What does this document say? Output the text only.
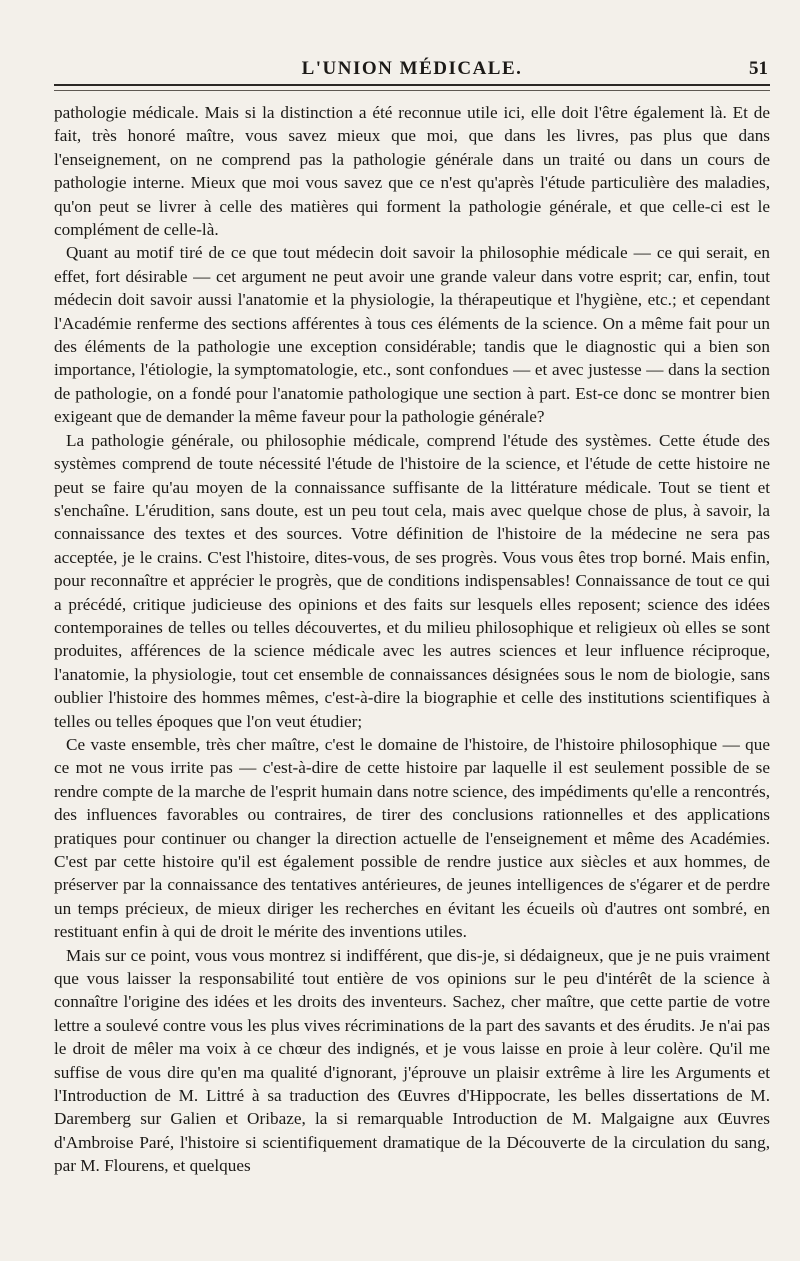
L'UNION MÉDICALE.	51

pathologie médicale. Mais si la distinction a été reconnue utile ici, elle doit l'être également là. Et de fait, très honoré maître, vous savez mieux que moi, que dans les livres, pas plus que dans l'enseignement, on ne comprend pas la pathologie générale dans un traité ou dans un cours de pathologie interne. Mieux que moi vous savez que ce n'est qu'après l'étude particulière des maladies, qu'on peut se livrer à celle des matières qui forment la pathologie générale, et que celle-ci est le complément de celle-là.

Quant au motif tiré de ce que tout médecin doit savoir la philosophie médicale — ce qui serait, en effet, fort désirable — cet argument ne peut avoir une grande valeur dans votre esprit; car, enfin, tout médecin doit savoir aussi l'anatomie et la physiologie, la thérapeutique et l'hygiène, etc.; et cependant l'Académie renferme des sections afférentes à tous ces éléments de la science. On a même fait pour un des éléments de la pathologie une exception considérable; tandis que le diagnostic qui a bien son importance, l'étiologie, la symptomatologie, etc., sont confondues — et avec justesse — dans la section de pathologie, on a fondé pour l'anatomie pathologique une section à part. Est-ce donc se montrer bien exigeant que de demander la même faveur pour la pathologie générale?

La pathologie générale, ou philosophie médicale, comprend l'étude des systèmes. Cette étude des systèmes comprend de toute nécessité l'étude de l'histoire de la science, et l'étude de cette histoire ne peut se faire qu'au moyen de la connaissance suffisante de la littérature médicale. Tout se tient et s'enchaîne. L'érudition, sans doute, est un peu tout cela, mais avec quelque chose de plus, à savoir, la connaissance des textes et des sources. Votre définition de l'histoire de la médecine ne sera pas acceptée, je le crains. C'est l'histoire, dites-vous, de ses progrès. Vous vous êtes trop borné. Mais enfin, pour reconnaître et apprécier le progrès, que de conditions indispensables! Connaissance de tout ce qui a précédé, critique judicieuse des opinions et des faits sur lesquels elles reposent; science des idées contemporaines de telles ou telles découvertes, et du milieu philosophique et religieux où elles se sont produites, afférences de la science médicale avec les autres sciences et leur influence réciproque, l'anatomie, la physiologie, tout cet ensemble de connaissances désignées sous le nom de biologie, sans oublier l'histoire des hommes mêmes, c'est-à-dire la biographie et celle des institutions scientifiques à telles ou telles époques que l'on veut étudier;

Ce vaste ensemble, très cher maître, c'est le domaine de l'histoire, de l'histoire philosophique — que ce mot ne vous irrite pas — c'est-à-dire de cette histoire par laquelle il est seulement possible de se rendre compte de la marche de l'esprit humain dans notre science, des impédiments qu'elle a rencontrés, des influences favorables ou contraires, de tirer des conclusions rationnelles et des applications pratiques pour continuer ou changer la direction actuelle de l'enseignement et même des Académies. C'est par cette histoire qu'il est également possible de rendre justice aux siècles et aux hommes, de préserver par la connaissance des tentatives antérieures, de jeunes intelligences de s'égarer et de perdre un temps précieux, de mieux diriger les recherches en évitant les écueils où d'autres ont sombré, en restituant enfin à qui de droit le mérite des inventions utiles.

Mais sur ce point, vous vous montrez si indifférent, que dis-je, si dédaigneux, que je ne puis vraiment que vous laisser la responsabilité tout entière de vos opinions sur le peu d'intérêt de la science à connaître l'origine des idées et les droits des inventeurs. Sachez, cher maître, que cette partie de votre lettre a soulevé contre vous les plus vives récriminations de la part des savants et des érudits. Je n'ai pas le droit de mêler ma voix à ce chœur des indignés, et je vous laisse en proie à leur colère. Qu'il me suffise de vous dire qu'en ma qualité d'ignorant, j'éprouve un plaisir extrême à lire les Arguments et l'Introduction de M. Littré à sa traduction des Œuvres d'Hippocrate, les belles dissertations de M. Daremberg sur Galien et Oribaze, la si remarquable Introduction de M. Malgaigne aux Œuvres d'Ambroise Paré, l'histoire si scientifiquement dramatique de la Découverte de la circulation du sang, par M. Flourens, et quelques
